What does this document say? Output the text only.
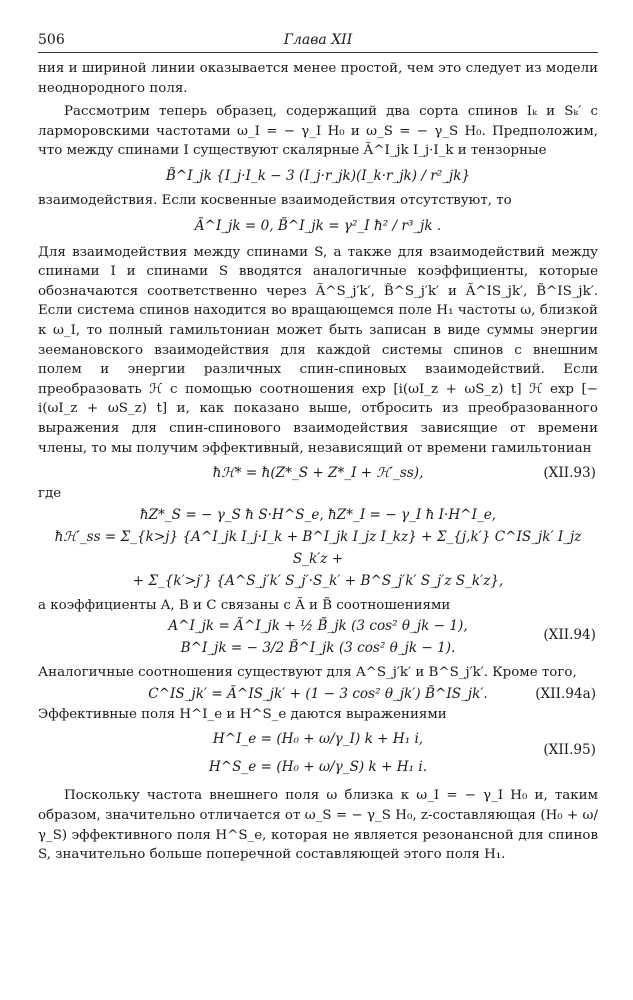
506	Глава XII

ния и шириной линии оказывается менее простой, чем это следует из модели неоднородного поля.

Рассмотрим теперь образец, содержащий два сорта спинов Iₖ и Sₖ′ с ларморовскими частотами ω_I = − γ_I H₀ и ω_S = − γ_S H₀. Предположим, что между спинами I существуют скалярные Ã^I_jk I_j·I_k и тензорные

B̃^I_jk {I_j·I_k − 3 (I_j·r_jk)(I_k·r_jk) / r²_jk}

взаимодействия. Если косвенные взаимодействия отсутствуют, то

Ã^I_jk = 0, B̃^I_jk = γ²_I ħ² / r³_jk .

Для взаимодействия между спинами S, а также для взаимодействий между спинами I и спинами S вводятся аналогичные коэффициенты, которые обозначаются соответственно через Ã^S_j′k′, B̃^S_j′k′ и Ã^IS_jk′, B̃^IS_jk′. Если система спинов находится во вращающемся поле H₁ частоты ω, близкой к ω_I, то полный гамильтониан может быть записан в виде суммы энергии зеемановского взаимодействия для каждой системы спинов с внешним полем и энергии различных спин-спиновых взаимодействий. Если преобразовать ℋ с помощью соотношения exp [i(ωI_z + ωS_z) t] ℋ exp [− i(ωI_z + ωS_z) t] и, как показано выше, отбросить из преобразованного выражения для спин-спинового взаимодействия зависящие от времени члены, то мы получим эффективный, независящий от времени гамильтониан

ħℋ* = ħ(Z*_S + Z*_I + ℋ′_ss),	(XII.93)

где

ħZ*_S = − γ_S ħ S·H^S_e, ħZ*_I = − γ_I ħ I·H^I_e,
ħℋ′_ss = Σ_{k>j} {A^I_jk I_j·I_k + B^I_jk I_jz I_kz} + Σ_{j,k′} C^IS_jk′ I_jz S_k′z +
+ Σ_{k′>j′} {A^S_j′k′ S_j′·S_k′ + B^S_j′k′ S_j′z S_k′z},

а коэффициенты A, B и C связаны с Ã и B̃ соотношениями

A^I_jk = Ã^I_jk + ½ B̃_jk (3 cos² θ_jk − 1),
B^I_jk = − 3/2 B̃^I_jk (3 cos² θ_jk − 1).
(XII.94)

Аналогичные соотношения существуют для A^S_j′k′ и B^S_j′k′. Кроме того,

C^IS_jk′ = Ã^IS_jk′ + (1 − 3 cos² θ_jk′) B̃^IS_jk′.	(XII.94a)

Эффективные поля H^I_e и H^S_e даются выражениями

H^I_e = (H₀ + ω/γ_I) k + H₁ i,
H^S_e = (H₀ + ω/γ_S) k + H₁ i.
(XII.95)

Поскольку частота внешнего поля ω близка к ω_I = − γ_I H₀ и, таким образом, значительно отличается от ω_S = − γ_S H₀, z-составляющая (H₀ + ω/γ_S) эффективного поля H^S_e, которая не является резонансной для спинов S, значительно больше поперечной составляющей этого поля H₁.
